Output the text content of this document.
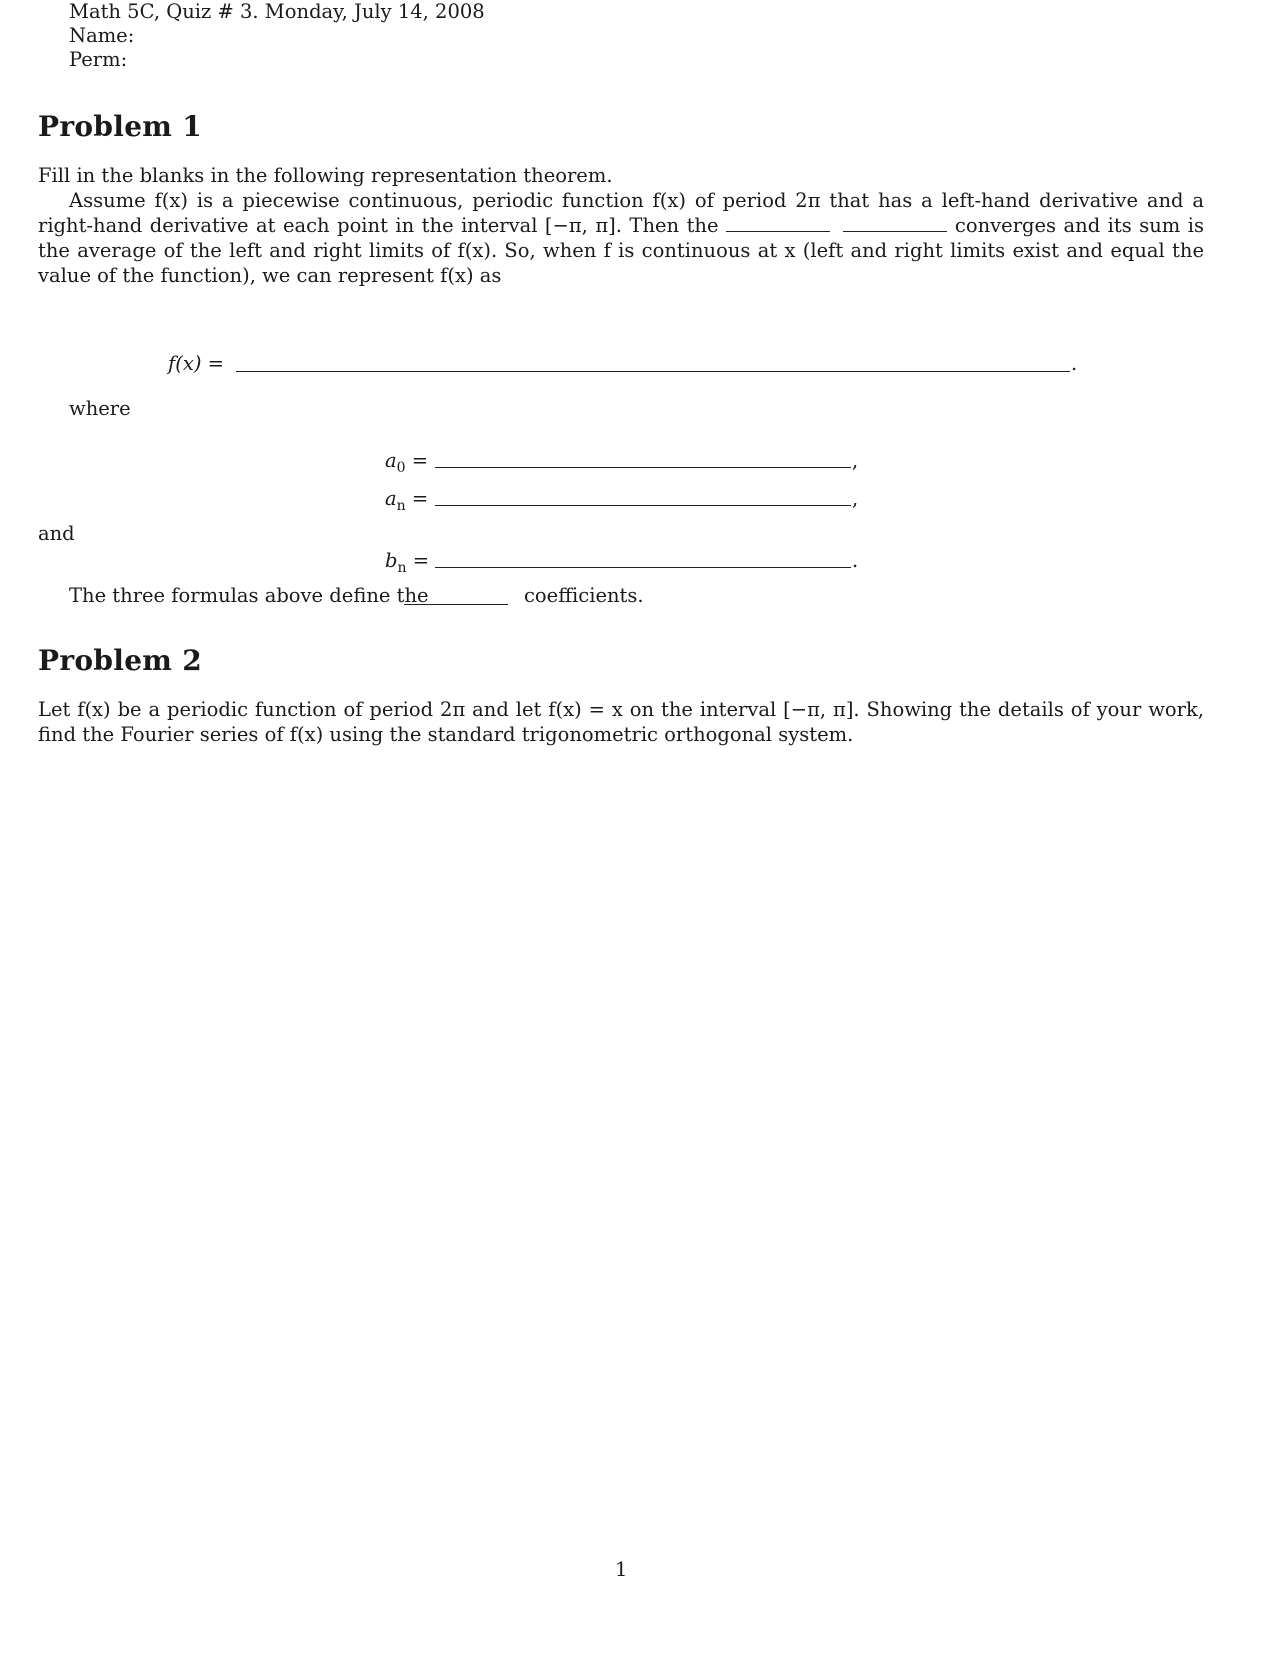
Math 5C, Quiz # 3. Monday, July 14, 2008
Name:
Perm:
Problem 1
Fill in the blanks in the following representation theorem.
Assume f(x) is a piecewise continuous, periodic function f(x) of period 2π that has a left-hand derivative and a right-hand derivative at each point in the interval [−π, π]. Then the	converges and its sum is the average of the left and right limits of f(x). So, when f is continuous at x (left and right limits exist and equal the value of the function), we can represent f(x) as
f(x) =	.
where
$a_0$ =	,
$a_n$ =	,
and
$b_n$ =	.
The three formulas above define the	coefficients.
Problem 2
Let f(x) be a periodic function of period 2π and let f(x) = x on the interval [−π, π]. Showing the details of your work, find the Fourier series of f(x) using the standard trigonometric orthogonal system.
1
